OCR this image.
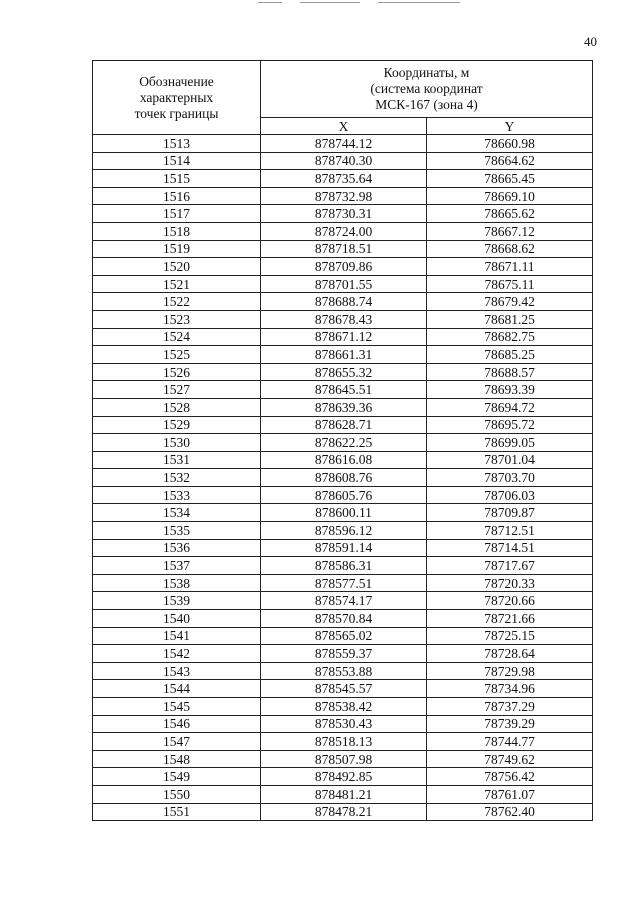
40
Обозначение
характерных
точек границы	Координаты, м
(система координат
МСК-167 (зона 4)	

	X	Y
1513	878744.12	78660.98
1514	878740.30	78664.62
1515	878735.64	78665.45
1516	878732.98	78669.10
1517	878730.31	78665.62
1518	878724.00	78667.12
1519	878718.51	78668.62
1520	878709.86	78671.11
1521	878701.55	78675.11
1522	878688.74	78679.42
1523	878678.43	78681.25
1524	878671.12	78682.75
1525	878661.31	78685.25
1526	878655.32	78688.57
1527	878645.51	78693.39
1528	878639.36	78694.72
1529	878628.71	78695.72
1530	878622.25	78699.05
1531	878616.08	78701.04
1532	878608.76	78703.70
1533	878605.76	78706.03
1534	878600.11	78709.87
1535	878596.12	78712.51
1536	878591.14	78714.51
1537	878586.31	78717.67
1538	878577.51	78720.33
1539	878574.17	78720.66
1540	878570.84	78721.66
1541	878565.02	78725.15
1542	878559.37	78728.64
1543	878553.88	78729.98
1544	878545.57	78734.96
1545	878538.42	78737.29
1546	878530.43	78739.29
1547	878518.13	78744.77
1548	878507.98	78749.62
1549	878492.85	78756.42
1550	878481.21	78761.07
1551	878478.21	78762.40
